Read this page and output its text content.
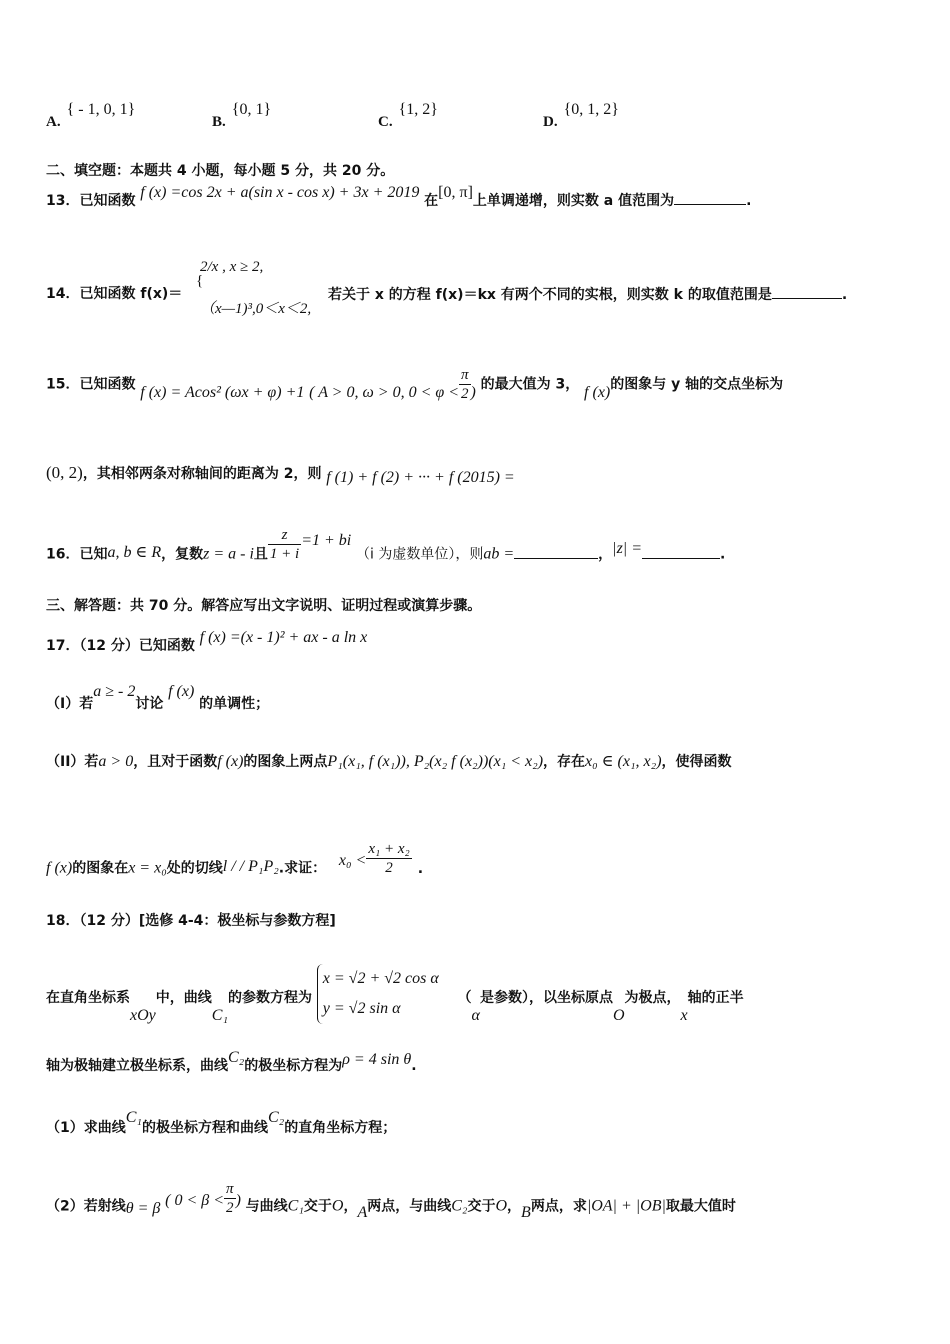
A.{ - 1, 0, 1}
B.{0, 1}
C.{1, 2}
D.{0, 1, 2}
二、填空题：本题共 4 小题，每小题 5 分，共 20 分。
13．已知函数 f (x) =cos 2x + a(sin x - cos x) + 3x + 2019 在[0, π]上单调递增，则实数 a 值范围为	.
14．已知函数 f(x)＝
2/x , x ≥ 2,
{
（x—1)³,0＜x＜2,
若关于 x 的方程 f(x)＝kx 有两个不同的实根，则实数 k 的取值范围是	.
15．已知函数 f (x) = Acos² (ωx + φ) +1 ( A > 0, ω > 0, $0 < \varphi < \frac{\pi}{2}$ ) 的最大值为 3， f (x)的图象与 y 轴的交点坐标为
(0, 2)，其相邻两条对称轴间的距离为 2，则 f (1) + f (2) + ··· + f (2015) =
16．已知a, b ∈ R，复数z = a - i且 $\frac{z}{1 + i} =1$ + bi （i 为虚数单位），则ab =	，|z| =	.
三、解答题：共 70 分。解答应写出文字说明、证明过程或演算步骤。
17．（12 分）已知函数 f (x) =(x - 1)² + ax - a ln x
（I）若a ≥ - 2讨论 f (x) 的单调性；
（II）若a > 0，且对于函数f (x)的图象上两点P₁(x₁, f (x₁)), P₂(x₂ f (x₂))(x₁ < x₂)，存在x₀ ∈ (x₁, x₂)，使得函数
f (x)的图象在x = x₀处的切线l / / P₁P₂.求证： $x_0 < \frac{\text{x₁ + x₂}}{2}$ .
18．（12 分）[选修 4-4：极坐标与参数方程]
在直角坐标系xOy中，曲线C₁的参数方程为
x = √2 + √2 cos α
y = √2 sin α
（α是参数），以坐标原点O为极点，x轴的正半
轴为极轴建立极坐标系，曲线C₂的极坐标方程为ρ = 4 sin θ.
（1）求曲线C₁的极坐标方程和曲线C₂的直角坐标方程；
（2）若射线θ = β ( $0 < \beta < \frac{\pi}{2}$ ) 与曲线C₁交于O，A两点，与曲线C₂交于O，B两点，求|OA| + |OB|取最大值时
